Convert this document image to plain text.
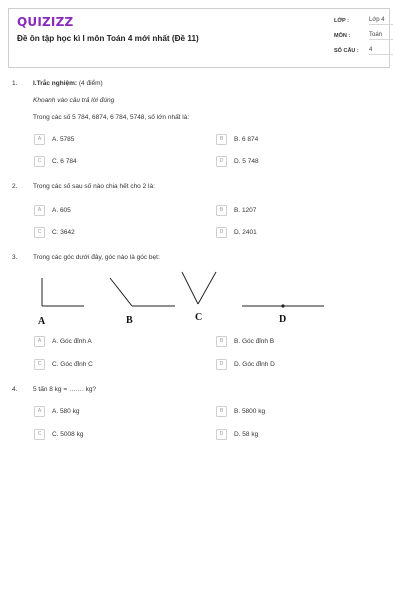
QUIZIZZ
Đề ôn tập học kì I môn Toán 4 mới nhất (Đề 11)
LỚP :	Lớp 4
MÔN :	Toán
SỐ CÂU : 4
1. I.Trắc nghiệm: (4 điểm)
Khoanh vào câu trả lời đúng
Trong các số 5 784, 6874, 6 784, 5748, số lớn nhất là:
A	A. 5785	B	B. 6 874
C	C. 6 784	D	D. 5 748
2. Trong các số sau số nào chia hết cho 2 là:
A	A. 605	B	B. 1207
C	C. 3642	D	D. 2401
3. Trong các góc dưới đây, góc nào là góc bẹt:
A	B	C	D
A	A. Góc đỉnh A	B	B. Góc đỉnh B
C	C. Góc đỉnh C	D	D. Góc đỉnh D
4. 5 tấn 8 kg = ……. kg?
A	A. 580 kg	B	B. 5800 kg
C	C. 5008 kg	D	D. 58 kg
